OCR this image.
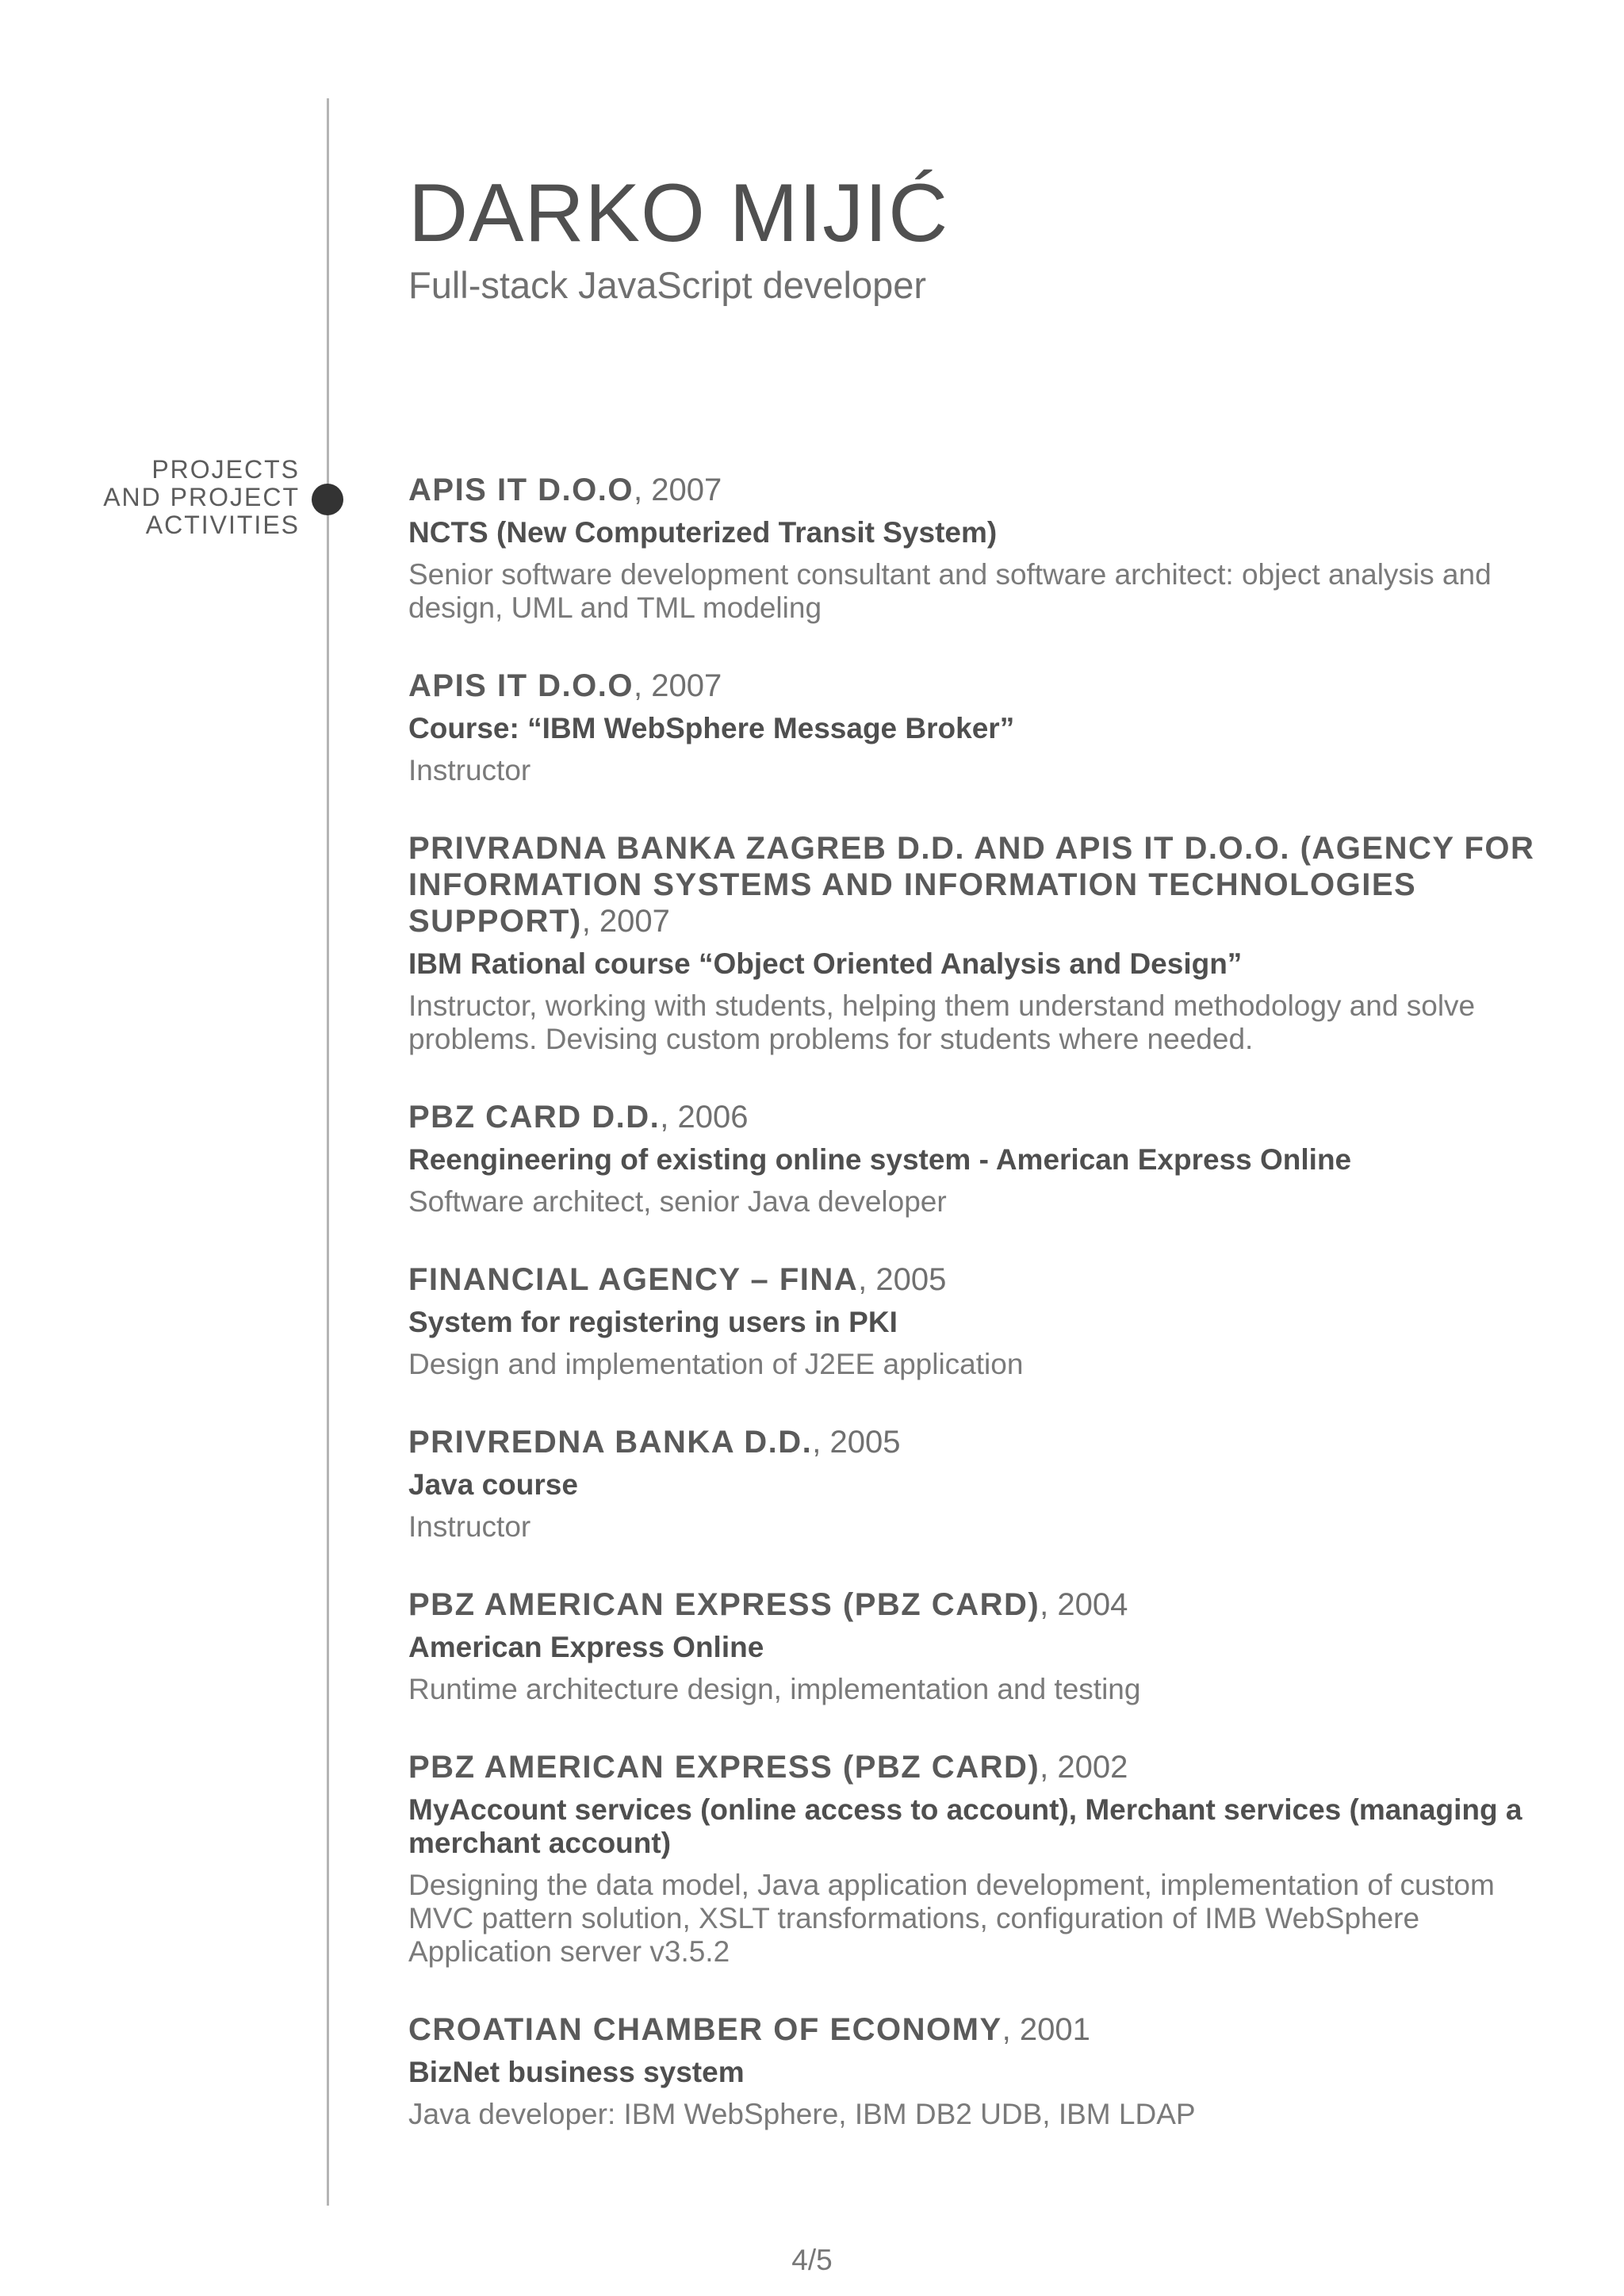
DARKO MIJIĆ
Full-stack JavaScript developer
PROJECTS
AND PROJECT
ACTIVITIES
APIS IT D.O.O, 2007
NCTS (New Computerized Transit System)
Senior software development consultant and software architect: object analysis and design, UML and TML modeling
APIS IT D.O.O, 2007
Course: “IBM WebSphere Message Broker”
Instructor
PRIVRADNA BANKA ZAGREB D.D. AND APIS IT D.O.O. (AGENCY FOR INFORMATION SYSTEMS AND INFORMATION TECHNOLOGIES SUPPORT), 2007
IBM Rational course “Object Oriented Analysis and Design”
Instructor, working with students, helping them understand methodology and solve problems. Devising custom problems for students where needed.
PBZ CARD D.D., 2006
Reengineering of existing online system - American Express Online
Software architect, senior Java developer
FINANCIAL AGENCY – FINA, 2005
System for registering users in PKI
Design and implementation of J2EE application
PRIVREDNA BANKA D.D., 2005
Java course
Instructor
PBZ AMERICAN EXPRESS (PBZ CARD), 2004
American Express Online
Runtime architecture design, implementation and testing
PBZ AMERICAN EXPRESS (PBZ CARD), 2002
MyAccount services (online access to account), Merchant services (managing a merchant account)
Designing the data model, Java application development, implementation of custom MVC pattern solution, XSLT transformations, configuration of IMB WebSphere Application server v3.5.2
CROATIAN CHAMBER OF ECONOMY, 2001
BizNet business system
Java developer: IBM WebSphere, IBM DB2 UDB, IBM LDAP
4/5
